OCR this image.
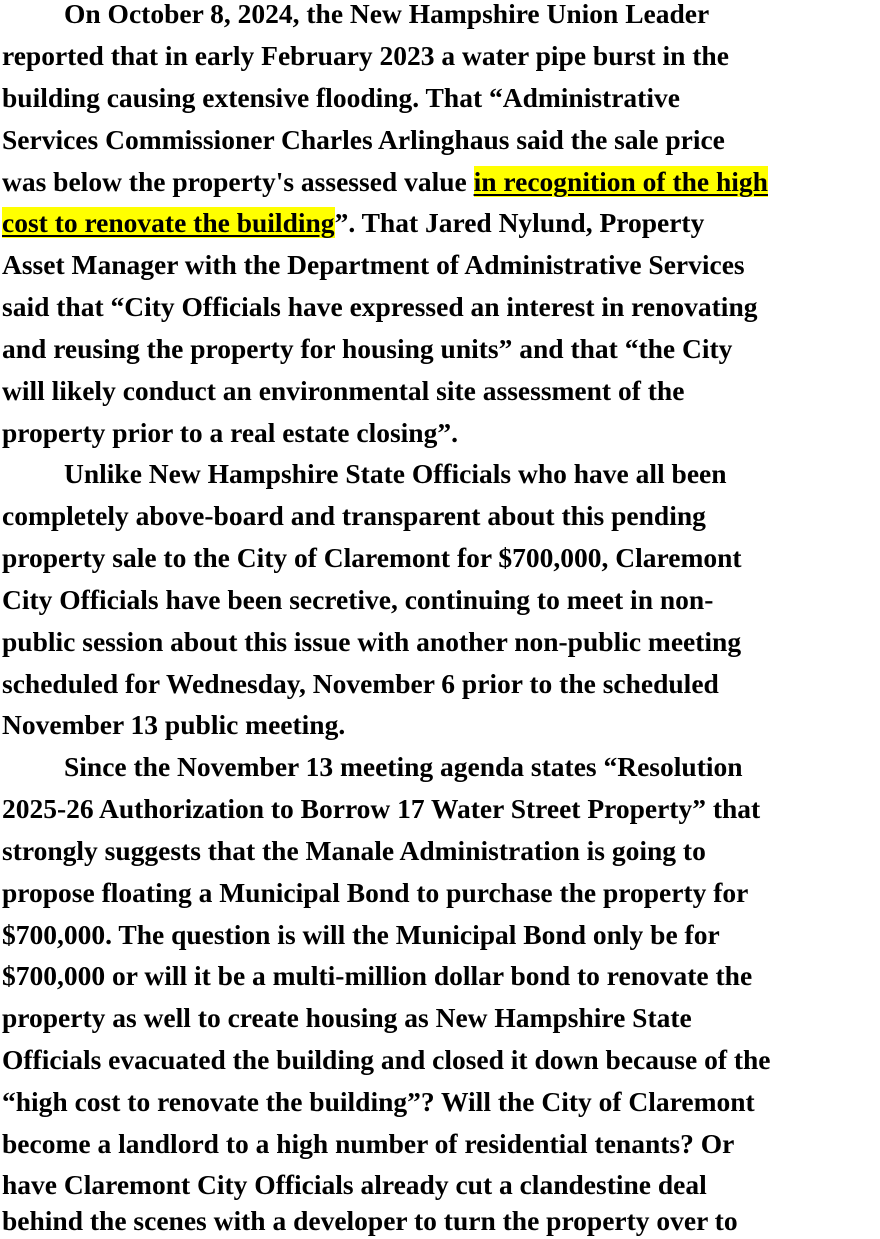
On October 8, 2024, the New Hampshire Union Leader
reported that in early February 2023 a water pipe burst in the
building causing extensive flooding. That “Administrative
Services Commissioner Charles Arlinghaus said the sale price
was below the property's assessed value in recognition of the high
cost to renovate the building”. That Jared Nylund, Property
Asset Manager with the Department of Administrative Services
said that “City Officials have expressed an interest in renovating
and reusing the property for housing units” and that “the City
will likely conduct an environmental site assessment of the
property prior to a real estate closing”.
Unlike New Hampshire State Officials who have all been
completely above-board and transparent about this pending
property sale to the City of Claremont for $700,000, Claremont
City Officials have been secretive, continuing to meet in non-
public session about this issue with another non-public meeting
scheduled for Wednesday, November 6 prior to the scheduled
November 13 public meeting.
Since the November 13 meeting agenda states “Resolution
2025-26 Authorization to Borrow 17 Water Street Property” that
strongly suggests that the Manale Administration is going to
propose floating a Municipal Bond to purchase the property for
$700,000. The question is will the Municipal Bond only be for
$700,000 or will it be a multi-million dollar bond to renovate the
property as well to create housing as New Hampshire State
Officials evacuated the building and closed it down because of the
“high cost to renovate the building”? Will the City of Claremont
become a landlord to a high number of residential tenants? Or
have Claremont City Officials already cut a clandestine deal
behind the scenes with a developer to turn the property over to
